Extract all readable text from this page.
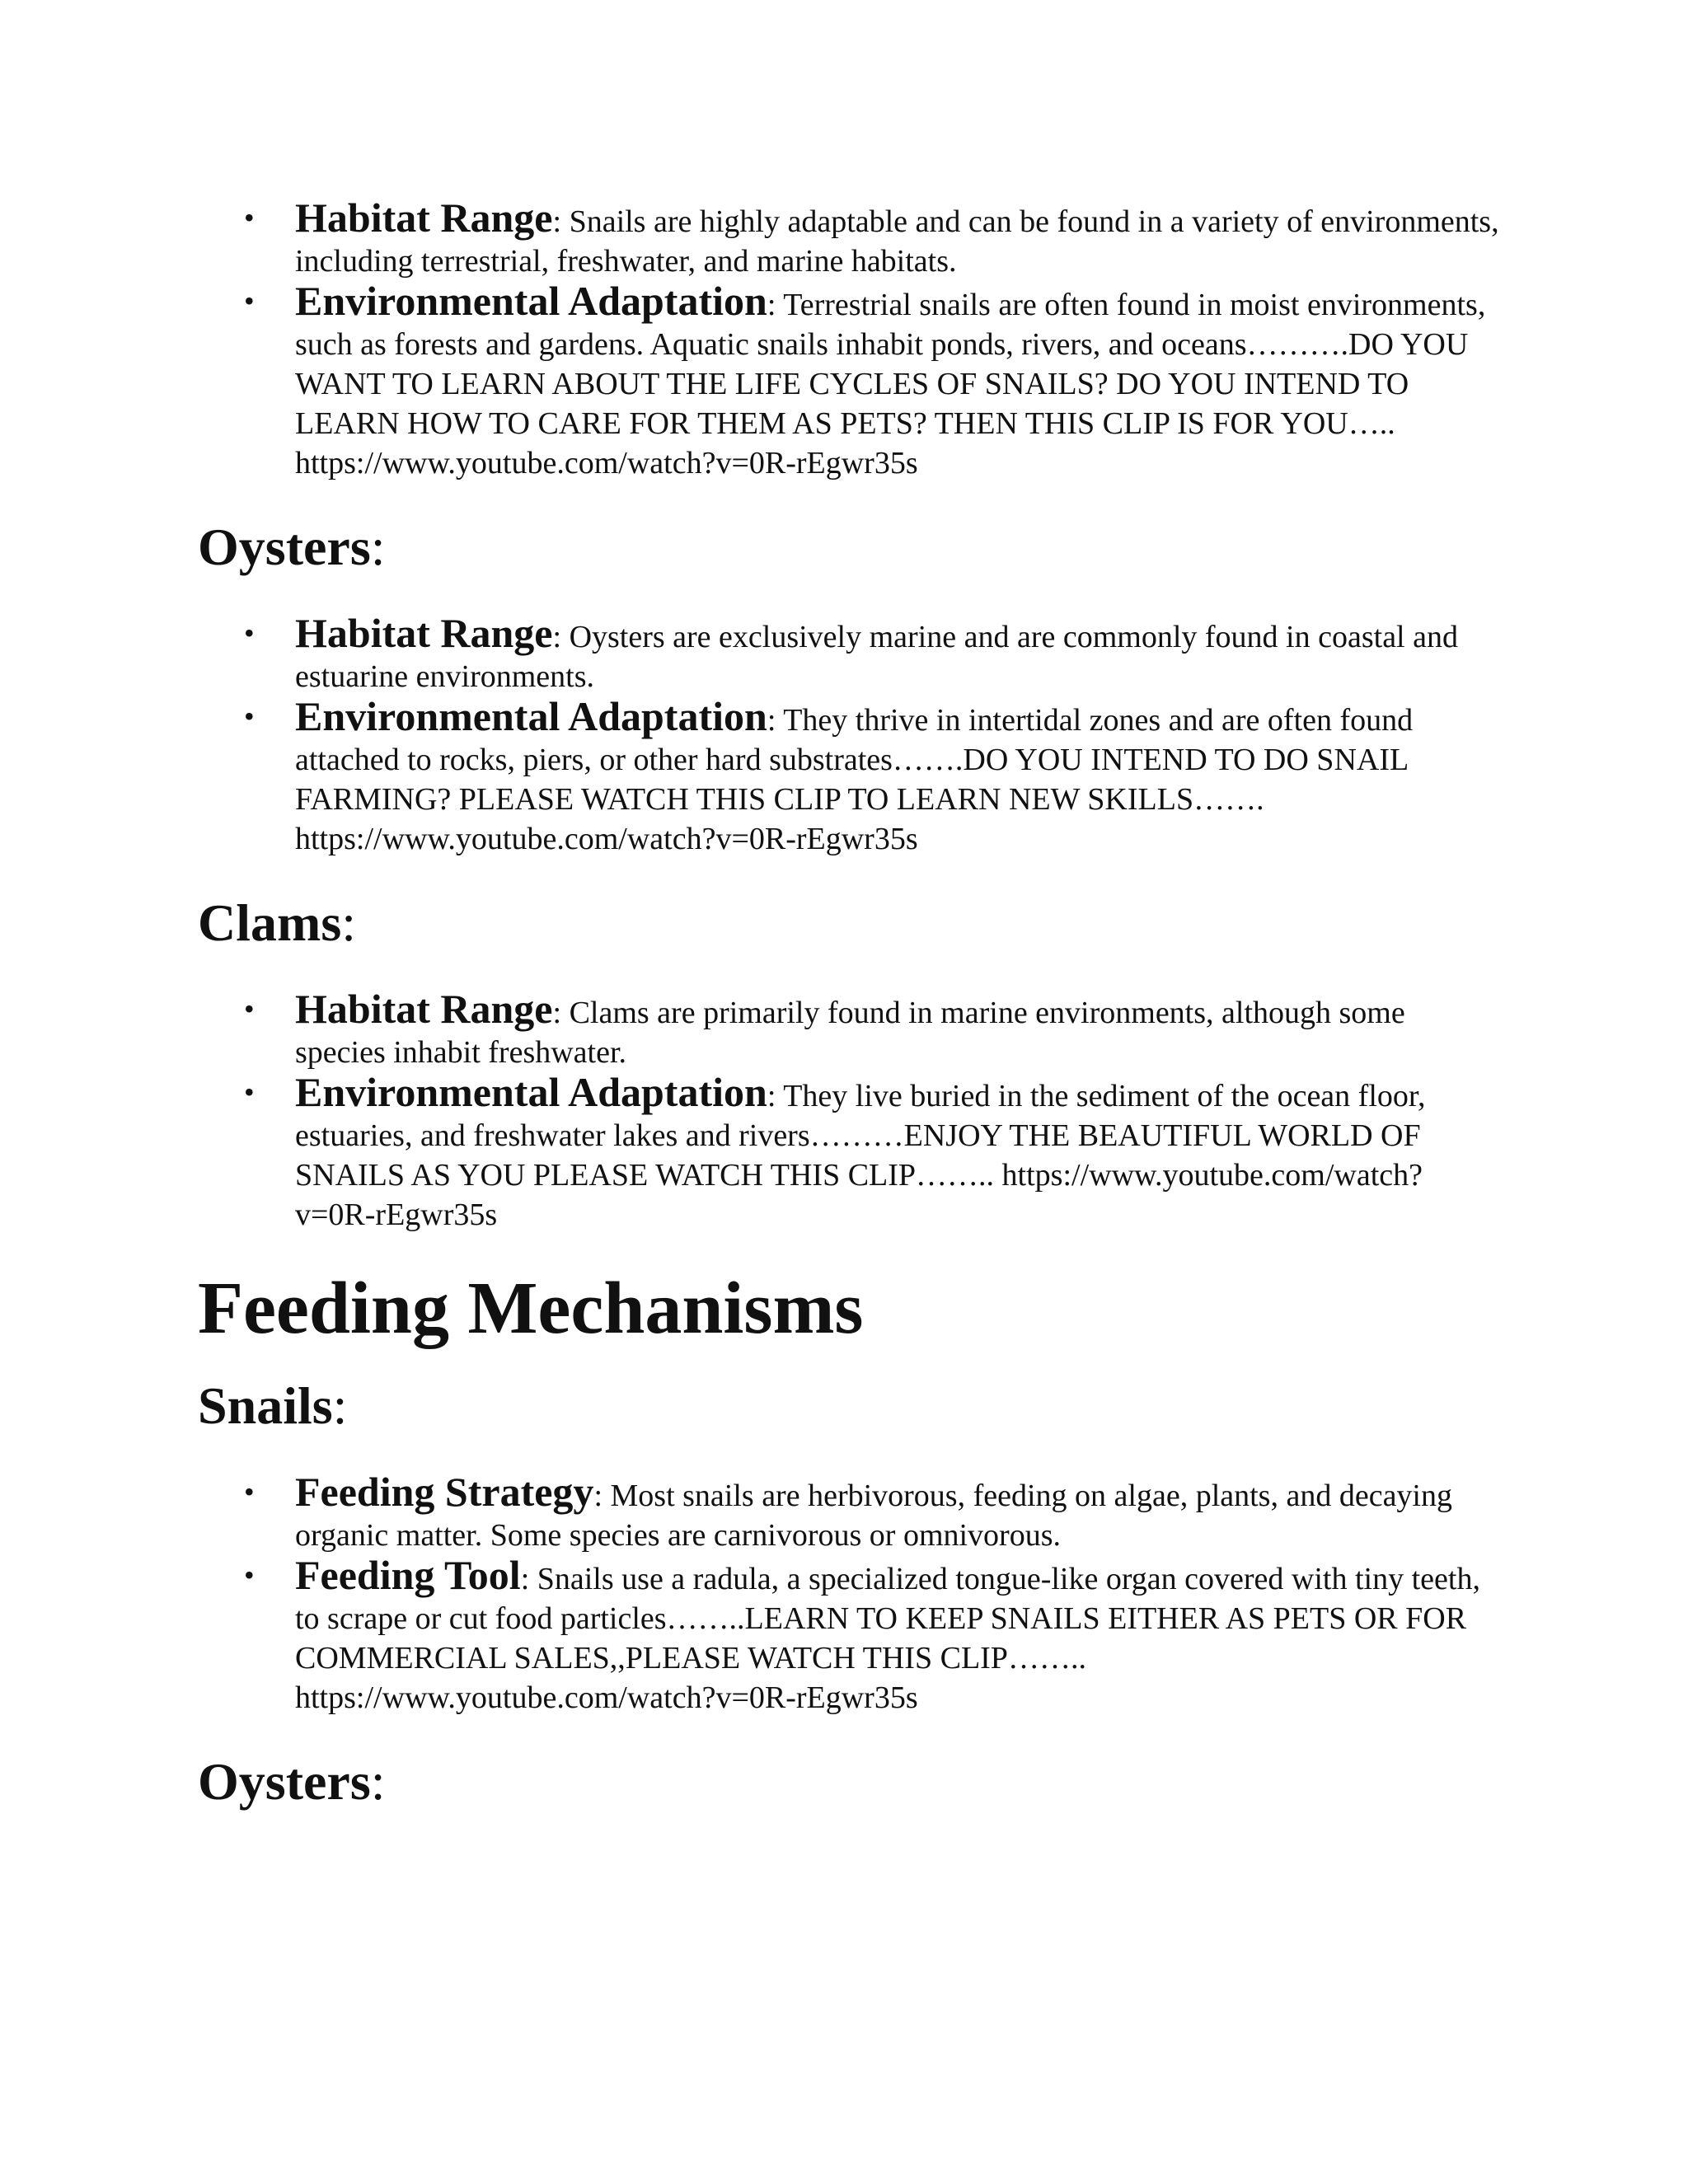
• Habitat Range: Snails are highly adaptable and can be found in a variety of environments, including terrestrial, freshwater, and marine habitats.
• Environmental Adaptation: Terrestrial snails are often found in moist environments, such as forests and gardens. Aquatic snails inhabit ponds, rivers, and oceans……….DO YOU WANT TO LEARN ABOUT THE LIFE CYCLES OF SNAILS? DO YOU INTEND TO LEARN HOW TO CARE FOR THEM AS PETS? THEN THIS CLIP IS FOR YOU….. https://www.youtube.com/watch?v=0R-rEgwr35s
Oysters:
• Habitat Range: Oysters are exclusively marine and are commonly found in coastal and estuarine environments.
• Environmental Adaptation: They thrive in intertidal zones and are often found attached to rocks, piers, or other hard substrates…….DO YOU INTEND TO DO SNAIL FARMING? PLEASE WATCH THIS CLIP TO LEARN NEW SKILLS……. https://www.youtube.com/watch?v=0R-rEgwr35s
Clams:
• Habitat Range: Clams are primarily found in marine environments, although some species inhabit freshwater.
• Environmental Adaptation: They live buried in the sediment of the ocean floor, estuaries, and freshwater lakes and rivers………ENJOY THE BEAUTIFUL WORLD OF SNAILS AS YOU PLEASE WATCH THIS CLIP…….. https://www.youtube.com/watch?v=0R-rEgwr35s
Feeding Mechanisms
Snails:
• Feeding Strategy: Most snails are herbivorous, feeding on algae, plants, and decaying organic matter. Some species are carnivorous or omnivorous.
• Feeding Tool: Snails use a radula, a specialized tongue-like organ covered with tiny teeth, to scrape or cut food particles……..LEARN TO KEEP SNAILS EITHER AS PETS OR FOR COMMERCIAL SALES,,PLEASE WATCH THIS CLIP…….. https://www.youtube.com/watch?v=0R-rEgwr35s
Oysters:
